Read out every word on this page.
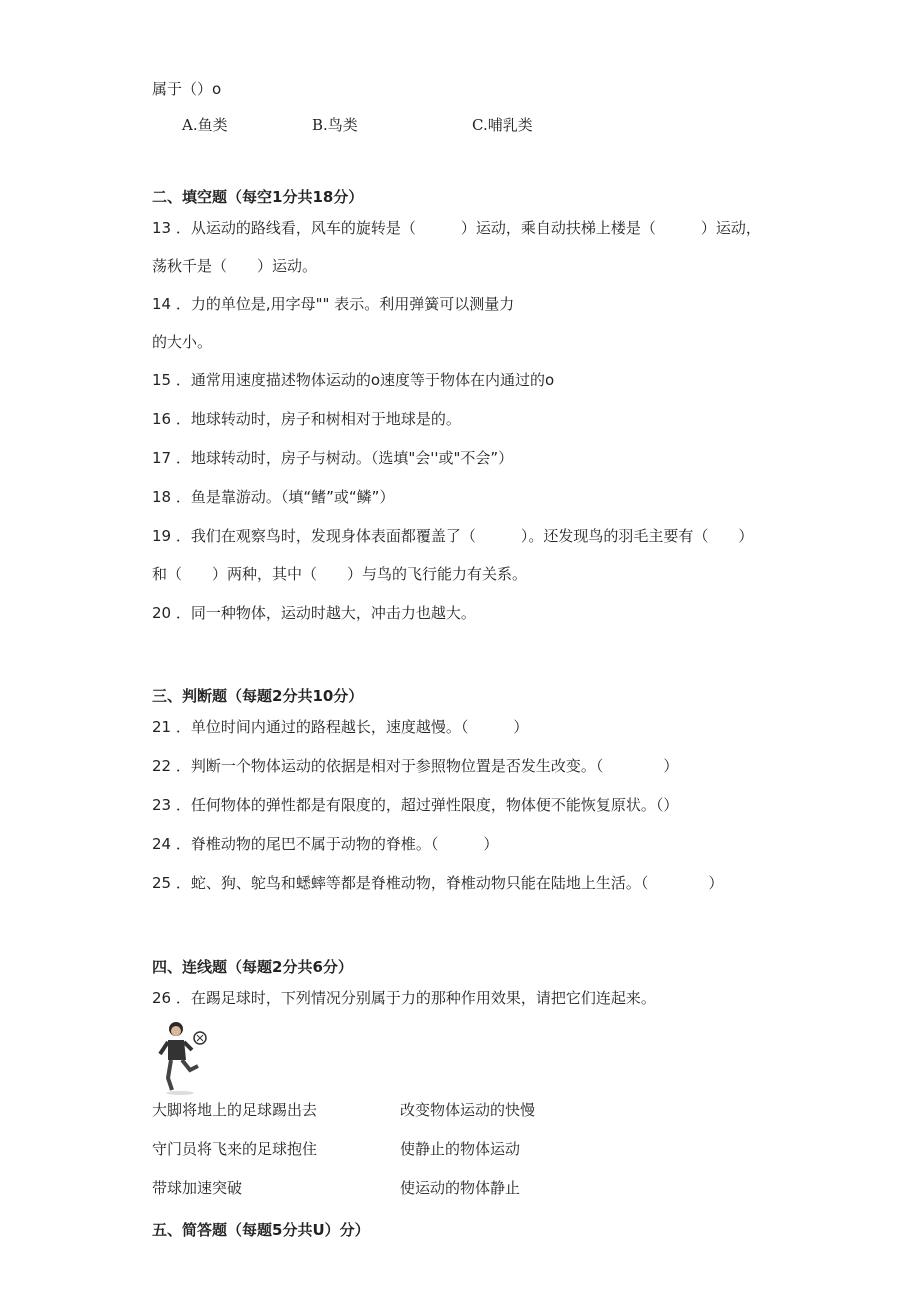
属于（）o
A.鱼类	B.鸟类	C.哺乳类
二、填空题（每空1分共18分）
13 ．从运动的路线看，风车的旋转是（　　　）运动，乘自动扶梯上楼是（　　　）运动，
荡秋千是（　　）运动。
14 ．力的单位是,用字母"" 表示。利用弹簧可以测量力
的大小。
15 ．通常用速度描述物体运动的o速度等于物体在内通过的o
16 ．地球转动时，房子和树相对于地球是的。
17 ．地球转动时，房子与树动。（选填"会''或"不会”）
18 ．鱼是靠游动。（填“鳍”或“鳞”）
19 ．我们在观察鸟时，发现身体表面都覆盖了（　　　）。还发现鸟的羽毛主要有（　　）
和（　　）两种，其中（　　）与鸟的飞行能力有关系。
20 ．同一种物体，运动时越大，冲击力也越大。
三、判断题（每题2分共10分）
21 ．单位时间内通过的路程越长，速度越慢。（　　　）
22 ．判断一个物体运动的依据是相对于参照物位置是否发生改变。（　　　　）
23 ．任何物体的弹性都是有限度的，超过弹性限度，物体便不能恢复原状。（）
24 ．脊椎动物的尾巴不属于动物的脊椎。（　　　）
25 ．蛇、狗、鸵鸟和蟋蟀等都是脊椎动物，脊椎动物只能在陆地上生活。（　　　　）
四、连线题（每题2分共6分）
26 ．在踢足球时，下列情况分别属于力的那种作用效果，请把它们连起来。
大脚将地上的足球踢出去
守门员将飞来的足球抱住
带球加速突破
改变物体运动的快慢
使静止的物体运动
使运动的物体静止
五、简答题（每题5分共U）分）
